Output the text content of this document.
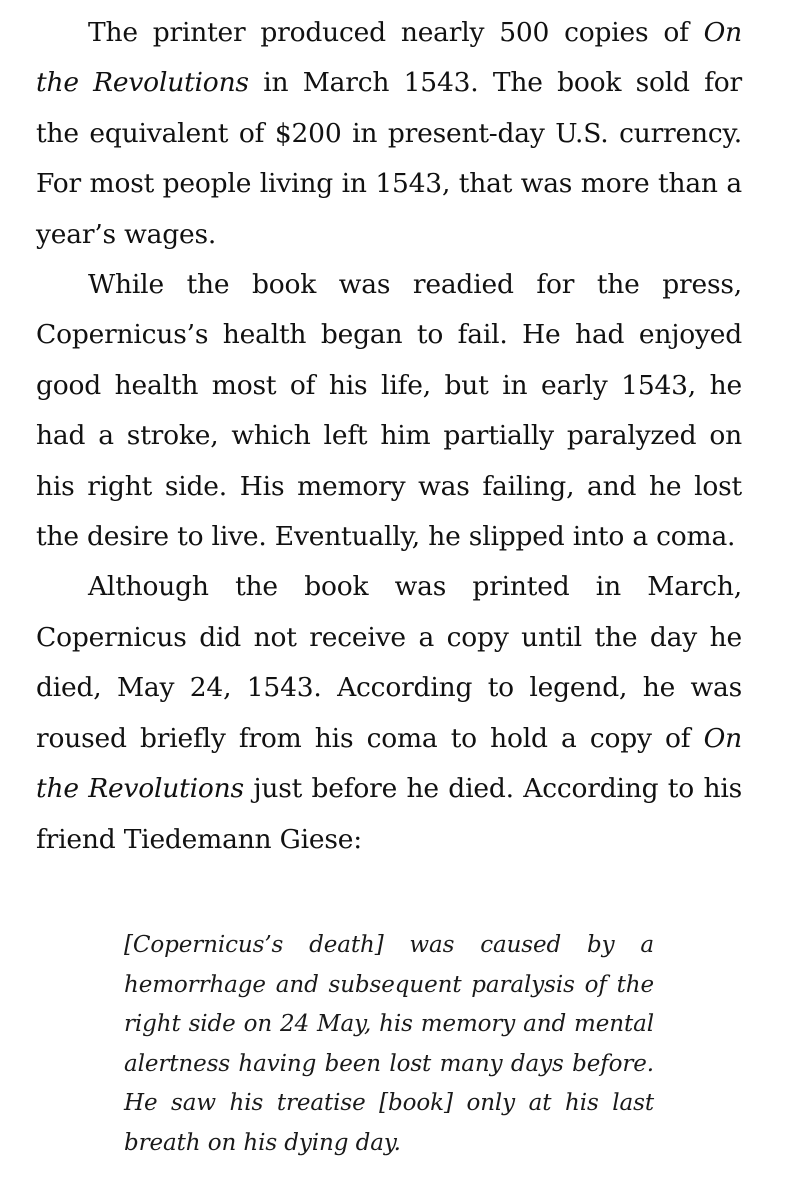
The printer produced nearly 500 copies of On the Revolutions in March 1543. The book sold for the equivalent of $200 in present-day U.S. currency. For most people living in 1543, that was more than a year’s wages.

While the book was readied for the press, Copernicus’s health began to fail. He had enjoyed good health most of his life, but in early 1543, he had a stroke, which left him partially paralyzed on his right side. His memory was failing, and he lost the desire to live. Eventually, he slipped into a coma.

Although the book was printed in March, Copernicus did not receive a copy until the day he died, May 24, 1543. According to legend, he was roused briefly from his coma to hold a copy of On the Revolutions just before he died. According to his friend Tiedemann Giese:

[Copernicus’s death] was caused by a hemorrhage and subsequent paralysis of the right side on 24 May, his memory and mental alertness having been lost many days before. He saw his treatise [book] only at his last breath on his dying day.
